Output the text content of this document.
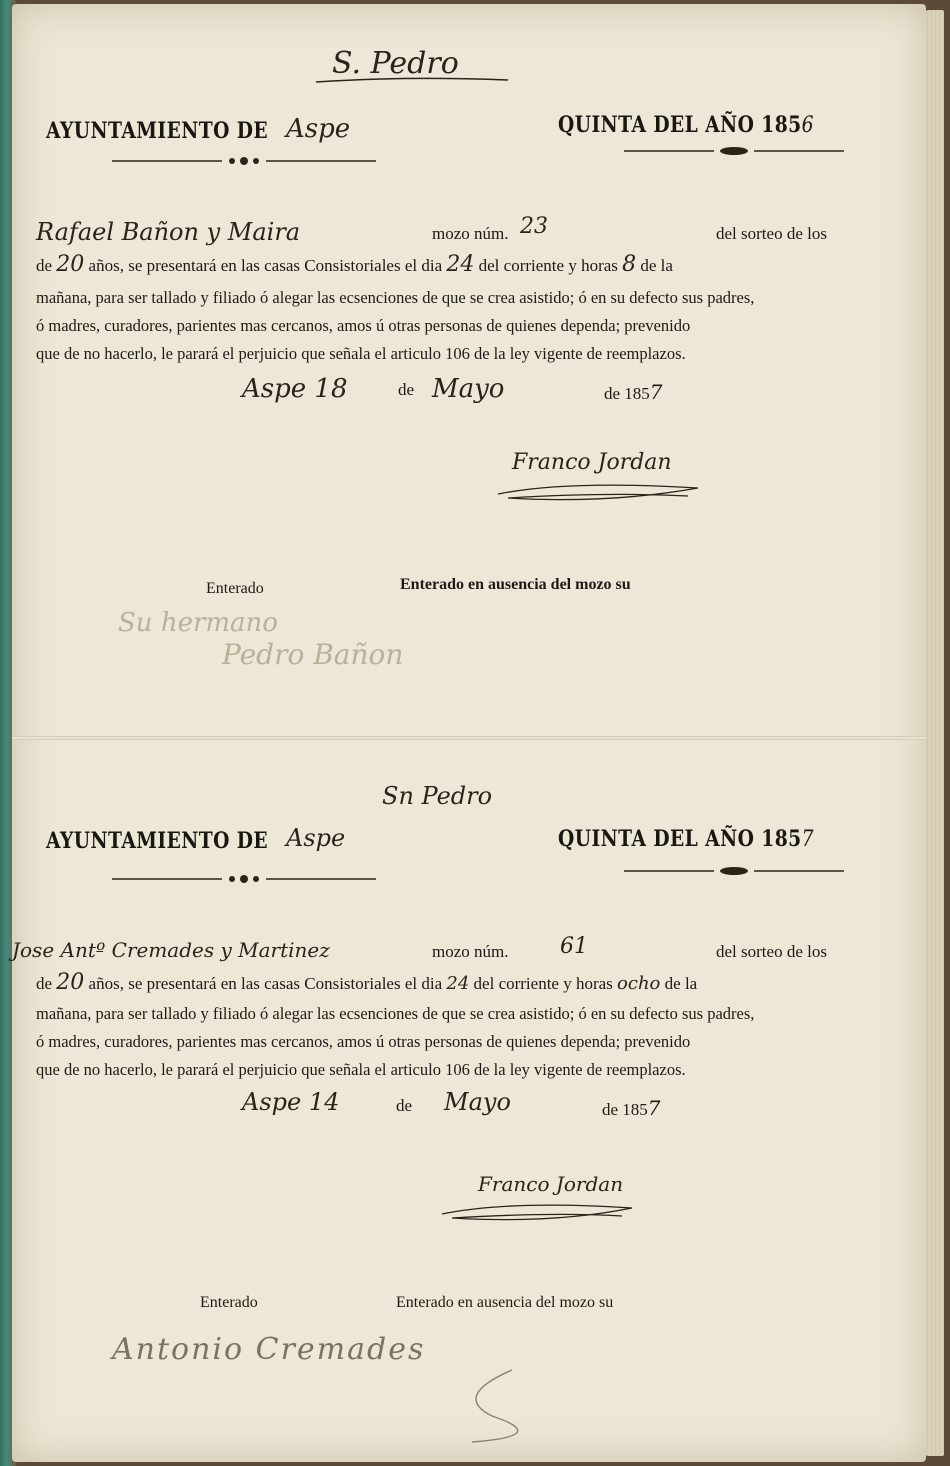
S. Pedro
AYUNTAMIENTO DE Aspe	QUINTA DEL AÑO 1856
Rafael Bañon y Maira	mozo núm. 23	del sorteo de los
de 20 años, se presentará en las casas Consistoriales el dia 24 del corriente y horas 8 de la
mañana, para ser tallado y filiado ó alegar las ecsenciones de que se crea asistido; ó en su defecto sus padres,
ó madres, curadores, parientes mas cercanos, amos ú otras personas de quienes dependa; prevenido
que de no hacerlo, le parará el perjuicio que señala el articulo 106 de la ley vigente de reemplazos.
Aspe 18	de Mayo	de 1857
Franco Jordan
Enterado	Enterado en ausencia del mozo su
Su hermano
Pedro Bañon
Sn Pedro
AYUNTAMIENTO DE Aspe	QUINTA DEL AÑO 1857
Jose Antº Cremades y Martinez	mozo núm. 61	del sorteo de los
de 20 años, se presentará en las casas Consistoriales el dia 24 del corriente y horas ocho de la
mañana, para ser tallado y filiado ó alegar las ecsenciones de que se crea asistido; ó en su defecto sus padres,
ó madres, curadores, parientes mas cercanos, amos ú otras personas de quienes dependa; prevenido
que de no hacerlo, le parará el perjuicio que señala el articulo 106 de la ley vigente de reemplazos.
Aspe 14	de Mayo	de 1857
Franco Jordan
Enterado	Enterado en ausencia del mozo su
Antonio Cremades
